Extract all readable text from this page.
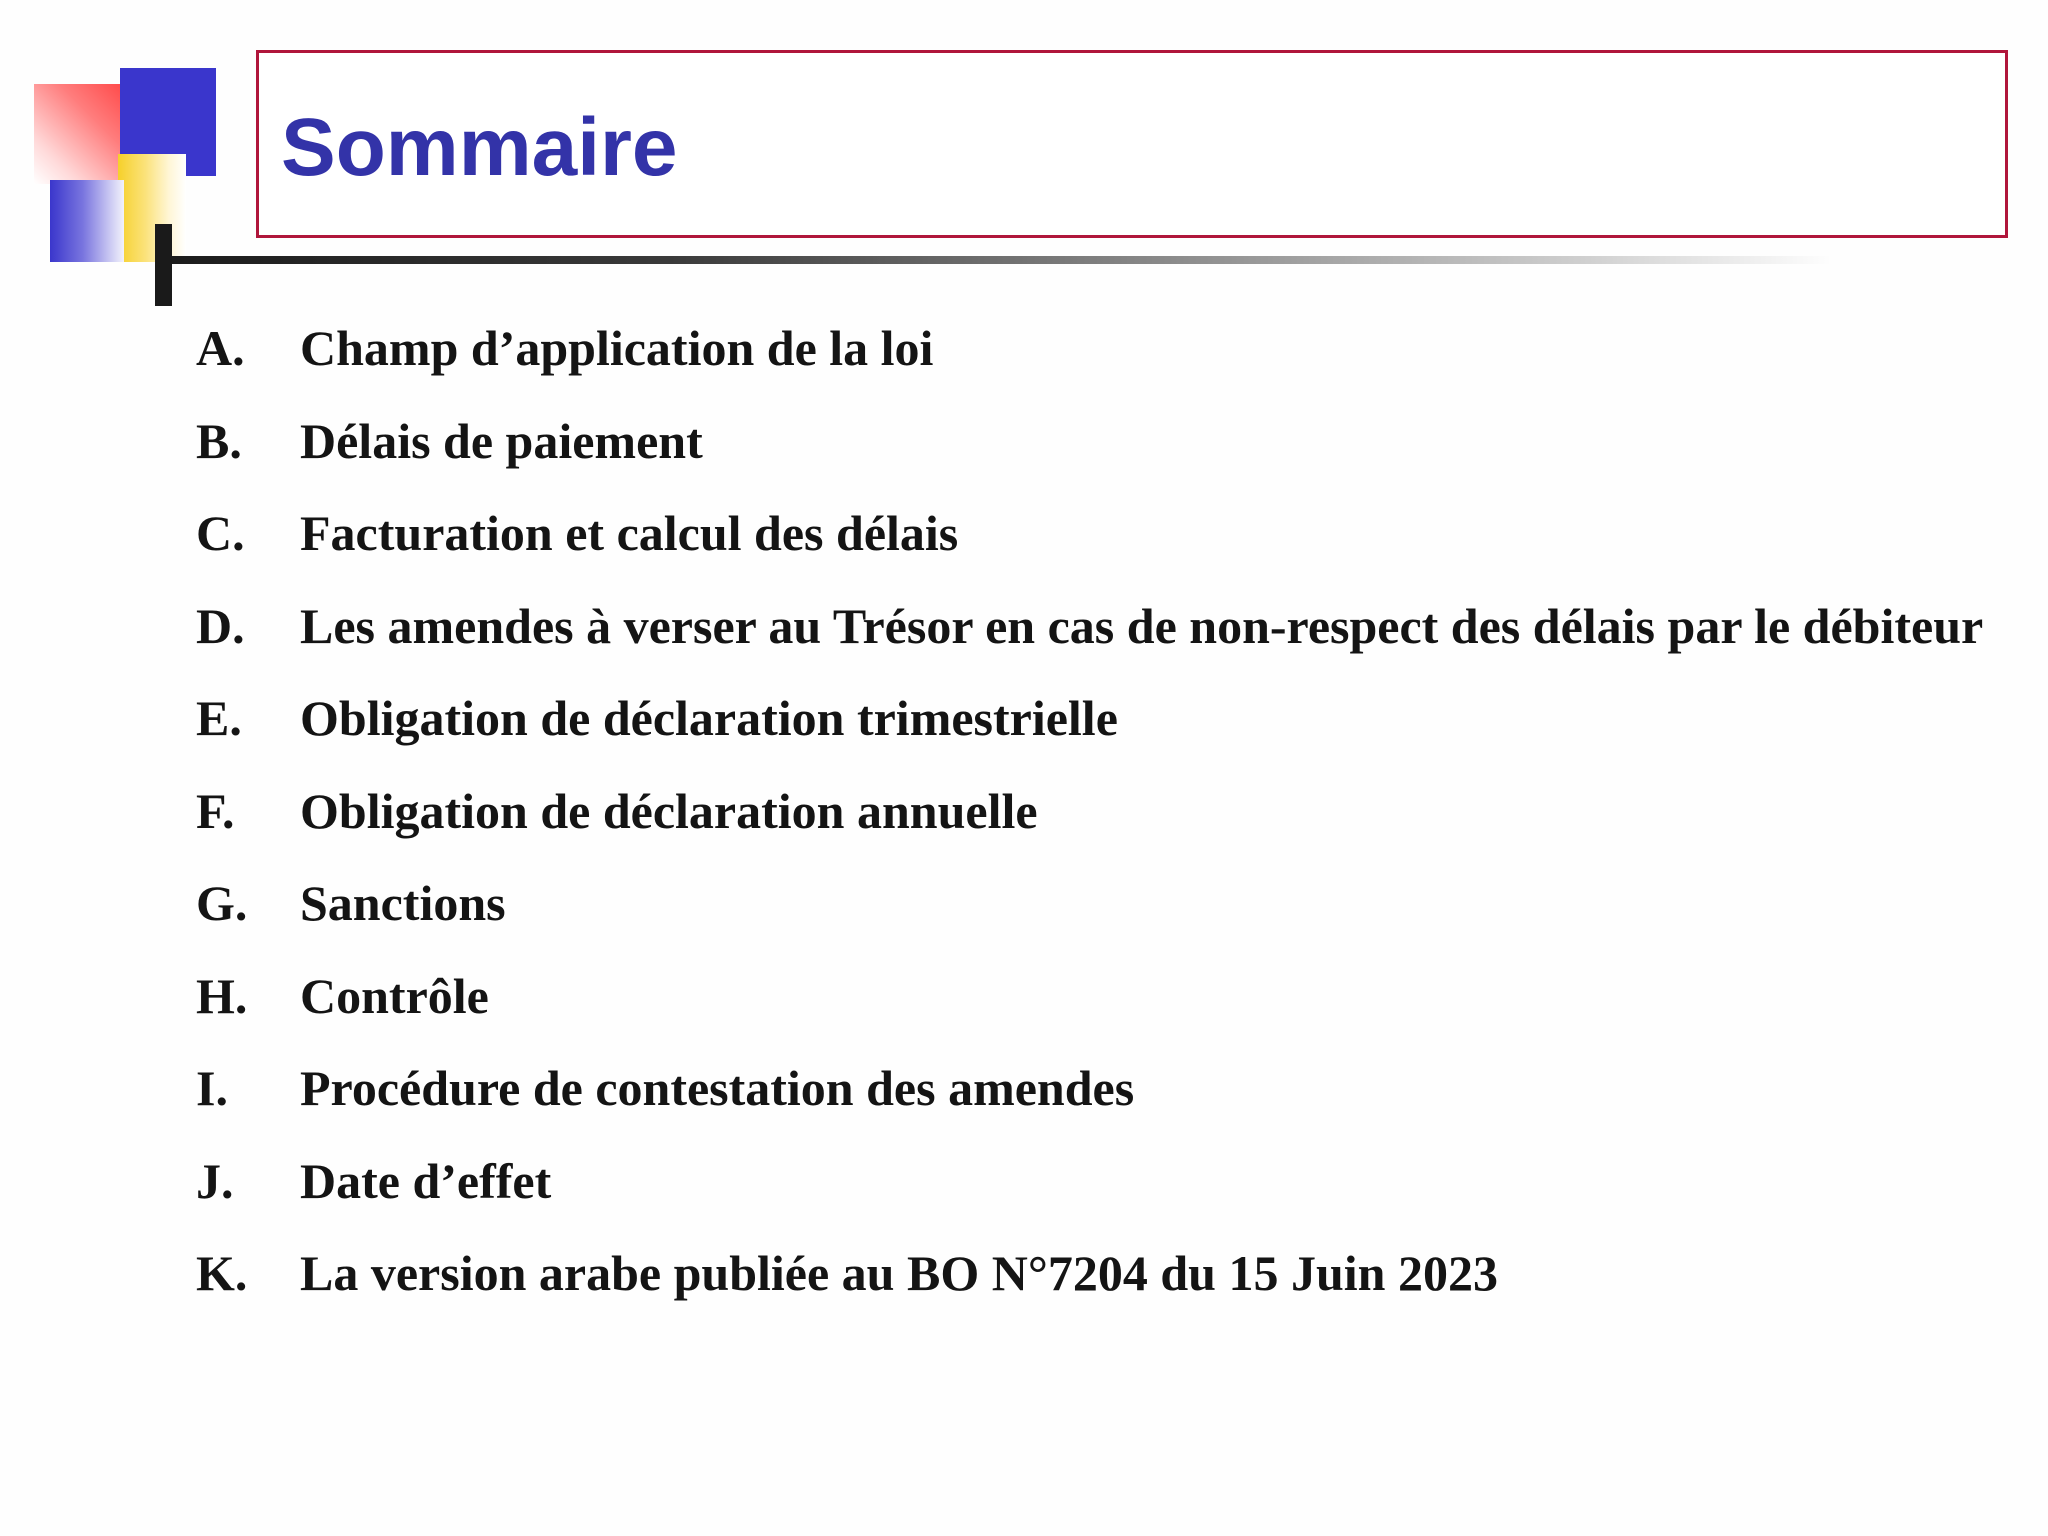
Sommaire
A.	Champ d’application de la loi
B.	Délais de paiement
C.	Facturation et calcul des délais
D.	Les amendes à verser au Trésor en cas de non-respect des délais par le débiteur
E.	Obligation de déclaration trimestrielle
F.	Obligation de déclaration annuelle
G.	Sanctions
H.	Contrôle
I.	Procédure de contestation des amendes
J.	Date d’effet
K.	La version arabe publiée au BO N°7204 du 15 Juin 2023
